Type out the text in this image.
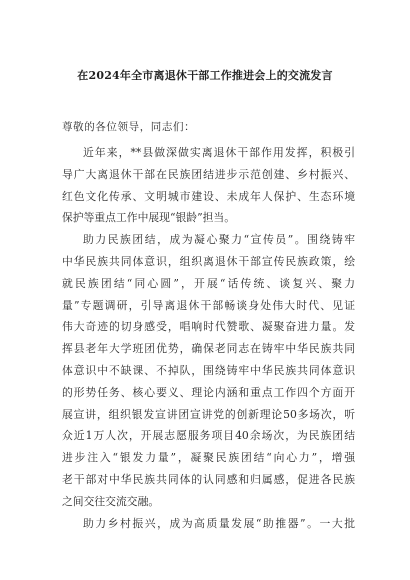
在2024年全市离退休干部工作推进会上的交流发言
尊敬的各位领导，同志们：
近年来，**县做深做实离退休干部作用发挥，积极引
导广大离退休干部在民族团结进步示范创建、乡村振兴、
红色文化传承、文明城市建设、未成年人保护、生态环境
保护等重点工作中展现“银龄”担当。
助力民族团结，成为凝心聚力“宣传员”。围绕铸牢
中华民族共同体意识，组织离退休干部宣传民族政策，绘
就民族团结“同心圆”，开展“话传统、谈复兴、聚力
量”专题调研，引导离退休干部畅谈身处伟大时代、见证
伟大奇迹的切身感受，唱响时代赞歌、凝聚奋进力量。发
挥县老年大学班团优势，确保老同志在铸牢中华民族共同
体意识中不缺课、不掉队，围绕铸牢中华民族共同体意识
的形势任务、核心要义、理论内涵和重点工作四个方面开
展宣讲，组织银发宣讲团宣讲党的创新理论50多场次，听
众近1万人次，开展志愿服务项目40余场次，为民族团结
进步注入“银发力量”，凝聚民族团结“向心力”，增强
老干部对中华民族共同体的认同感和归属感，促进各民族
之间交往交流交融。
助力乡村振兴，成为高质量发展“助推器”。一大批
